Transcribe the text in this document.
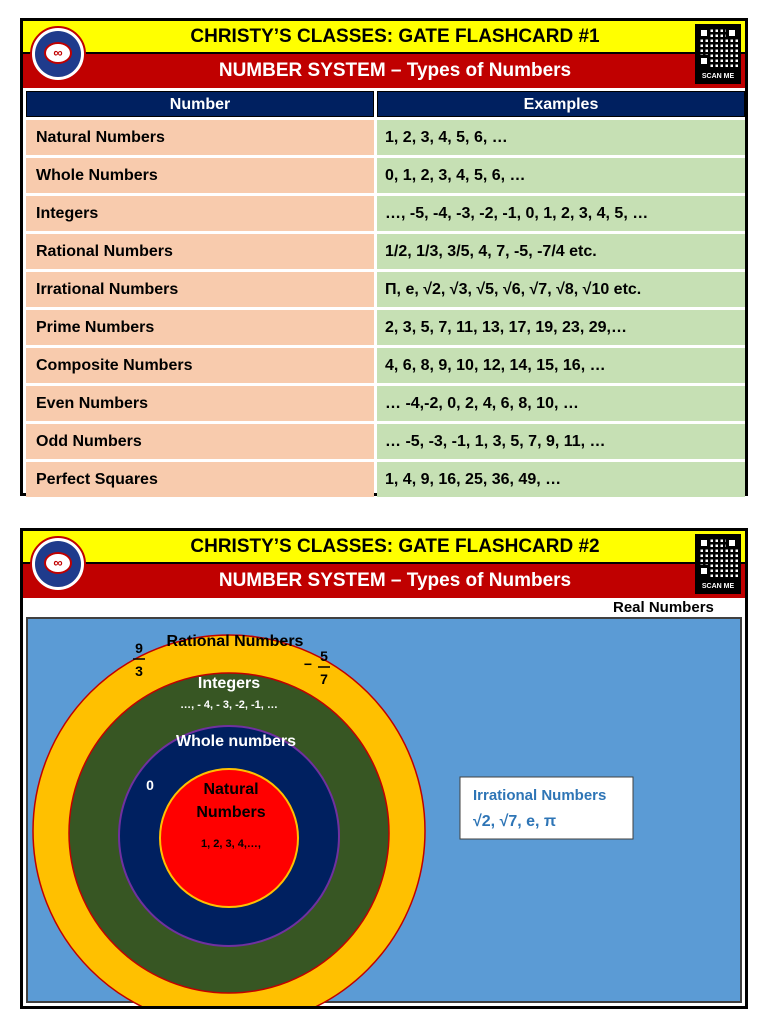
CHRISTY’S CLASSES: GATE FLASHCARD #1
NUMBER SYSTEM – Types of Numbers
∞
SCAN ME
Number	Examples
Natural Numbers	1, 2, 3, 4, 5, 6, …
Whole Numbers	0, 1, 2, 3, 4, 5, 6, …
Integers	…, -5, -4, -3, -2, -1, 0, 1, 2, 3, 4, 5, …
Rational Numbers	1/2, 1/3, 3/5, 4, 7, -5, -7/4 etc.
Irrational Numbers	Π, e, √2, √3, √5, √6, √7, √8, √10 etc.
Prime Numbers	2, 3, 5, 7, 11, 13, 17, 19, 23, 29,…
Composite Numbers	4, 6, 8, 9, 10, 12, 14, 15, 16, …
Even Numbers	… -4,-2, 0, 2, 4, 6, 8, 10, …
Odd Numbers	… -5, -3, -1, 1, 3, 5, 7, 9, 11, …
Perfect Squares	1, 4, 9, 16, 25, 36, 49, …
CHRISTY’S CLASSES: GATE FLASHCARD #2
NUMBER SYSTEM – Types of Numbers
∞
SCAN ME
Real Numbers
Rational Numbers
9
3	− 5
7
Integers
…, - 4, - 3, -2, -1, …
Whole numbers
0	Natural
Numbers
1, 2, 3, 4,…,
Irrational Numbers
√2, √7, e, π
